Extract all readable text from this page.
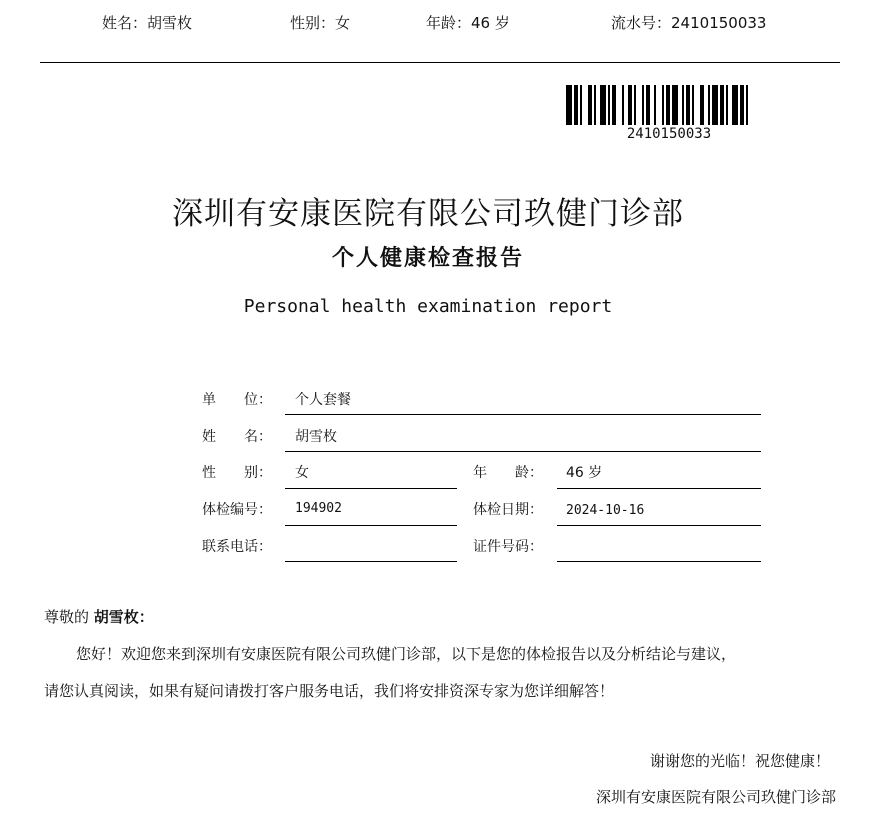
姓名：胡雪枚	性别：女	年龄：46 岁	流水号：2410150033
2410150033
深圳有安康医院有限公司玖健门诊部
个人健康检查报告
Personal health examination report
单　　位： 个人套餐
姓　　名： 胡雪枚
性　　别： 女	年　　龄： 46 岁
体检编号： 194902	体检日期： 2024-10-16
联系电话：	证件号码：
尊敬的 胡雪枚：
您好！欢迎您来到深圳有安康医院有限公司玖健门诊部，以下是您的体检报告以及分析结论与建议，
请您认真阅读，如果有疑问请拨打客户服务电话，我们将安排资深专家为您详细解答！
谢谢您的光临！祝您健康！
深圳有安康医院有限公司玖健门诊部
